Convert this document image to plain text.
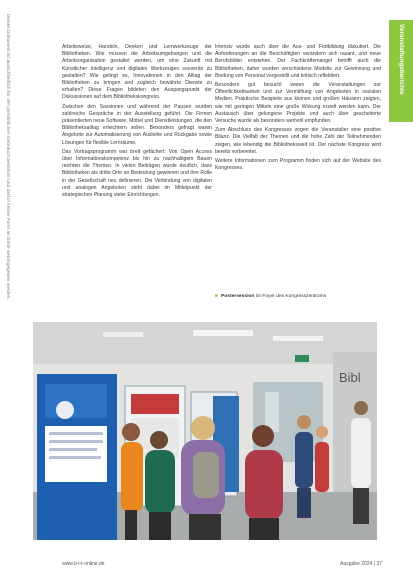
Dieses Dokument ist ausschließlich für den persönlichen Gebrauch bestimmt und darf in keiner Form an Dritte weitergegeben werden.	Veranstaltungsberichte

Arbeitsweise, Handeln, Denken und Lernwerkzeuge der Bibliotheken. Wie müssen die Arbeitsumgebungen und die Arbeitsorganisation gestaltet werden, um eine Zukunft mit Künstlicher Intelligenz und digitalen Werkzeugen souverän zu gestalten? Wie gelingt es, Innovationen in den Alltag der Bibliotheken zu bringen und zugleich bewährte Dienste zu erhalten? Diese Fragen bildeten den Ausgangspunkt der Diskussionen auf dem Bibliothekskongress.

Zwischen den Sessionen und während der Pausen wurden zahlreiche Gespräche in der Ausstellung geführt. Die Firmen präsentierten neue Software, Möbel und Dienstleistungen, die den Bibliotheksalltag erleichtern sollen. Besonders gefragt waren Angebote zur Automatisierung von Ausleihe und Rückgabe sowie Lösungen für flexible Lernräume.

Das Vortragsprogramm war breit gefächert: Von Open Access über Informationskompetenz bis hin zu nachhaltigem Bauen reichten die Themen. In vielen Beiträgen wurde deutlich, dass Bibliotheken als dritte Orte an Bedeutung gewinnen und ihre Rolle in der Gesellschaft neu definieren. Die Verbindung von digitalen und analogen Angeboten steht dabei im Mittelpunkt der strategischen Planung vieler Einrichtungen.

Intensiv wurde auch über die Aus- und Fortbildung diskutiert. Die Anforderungen an die Beschäftigten verändern sich rasant, und neue Berufsbilder entstehen. Der Fachkräftemangel betrifft auch die Bibliotheken, daher wurden verschiedene Modelle zur Gewinnung und Bindung von Personal vorgestellt und kritisch reflektiert.

Besonders gut besucht waren die Veranstaltungen zur Öffentlichkeitsarbeit und zur Vermittlung von Angeboten in sozialen Medien. Praktische Beispiele aus kleinen und großen Häusern zeigten, wie mit geringen Mitteln eine große Wirkung erzielt werden kann. Der Austausch über gelungene Projekte und auch über gescheiterte Versuche wurde als besonders wertvoll empfunden.

Zum Abschluss des Kongresses zogen die Veranstalter eine positive Bilanz. Die Vielfalt der Themen und die hohe Zahl der Teilnehmenden zeigen, wie lebendig die Bibliothekswelt ist. Der nächste Kongress wird bereits vorbereitet.

Weitere Informationen zum Programm finden sich auf der Website des Kongresses.

■ Postersession im Foyer des Kongresszentrums
Bibl
www.b-i-t-online.de	Ausgabe 2024 | 37
